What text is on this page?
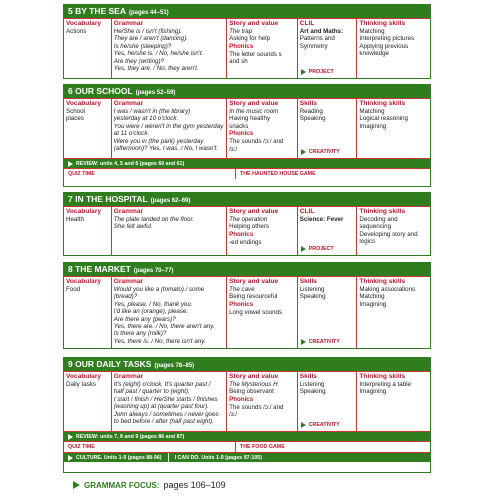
5 BY THE SEA (pages 44–51)
Vocabulary
Actions
Grammar
He/She is / isn't (fishing).
They are / aren't (dancing).
Is he/she (sleeping)?
Yes, he/she is. / No, he/she isn't.
Are they (writing)?
Yes, they are. / No, they aren't.
Story and value
The trap
Asking for help
Phonics
The letter sounds s
and sh
CLIL
Art and Maths:
Patterns and
Symmetry
PROJECT
Thinking skills
Matching
Interpreting pictures
Applying previous
knowledge
6 OUR SCHOOL (pages 52–59)
Vocabulary
School
places
Grammar
I was / wasn't in (the library)
yesterday at 10 o'clock.
You were / weren't in the gym yesterday
at 11 o'clock.
Were you in (the park) yesterday
(afternoon)? Yes, I was. / No, I wasn't.
Story and value
In the music room
Having healthy
snacks
Phonics
The sounds /ɔ:/ and
/ɜ:/
Skills
Reading
Speaking
CREATIVITY
Thinking skills
Matching
Logical reasoning
Imagining
REVIEW: units 4, 5 and 6 (pages 60 and 61)
QUIZ TIME	THE HAUNTED HOUSE GAME
7 IN THE HOSPITAL (pages 62–69)
Vocabulary
Health
Grammar
The plate landed on the floor.
She felt awful.
Story and value
The operation
Helping others
Phonics
-ed endings
CLIL
Science: Fever
PROJECT
Thinking skills
Decoding and
sequencing
Developing story and
logics
8 THE MARKET (pages 70–77)
Vocabulary
Food
Grammar
Would you like a (tomato) / some
(bread)?
Yes, please. / No, thank you.
I'd like an (orange), please.
Are there any (pears)?
Yes, there are. / No, there aren't any.
Is there any (milk)?
Yes, there is. / No, there isn't any.
Story and value
The cave
Being resourceful
Phonics
Long vowel sounds
Skills
Listening
Speaking
CREATIVITY
Thinking skills
Making associations
Matching
Imagining
9 OUR DAILY TASKS (pages 78–85)
Vocabulary
Daily tasks
Grammar
It's (eight) o'clock. It's quarter past /
half past / quarter to (eight).
I start / finish / He/She starts / finishes
(washing up) at (quarter past four).
John always / sometimes / never goes
to bed before / after (half past eight).
Story and value
The Mysterious H
Being observant
Phonics
The sounds /ɔ:/ and
/ɜ:/
Skills
Listening
Speaking
CREATIVITY
Thinking skills
Interpreting a table
Imagining
REVIEW: units 7, 8 and 9 (pages 86 and 87)
QUIZ TIME	THE FOOD GAME
CULTURE. Units 1-9 (pages 88-96) I CAN DO. Units 1-9 (pages 97-105)
GRAMMAR FOCUS: pages 106–109
